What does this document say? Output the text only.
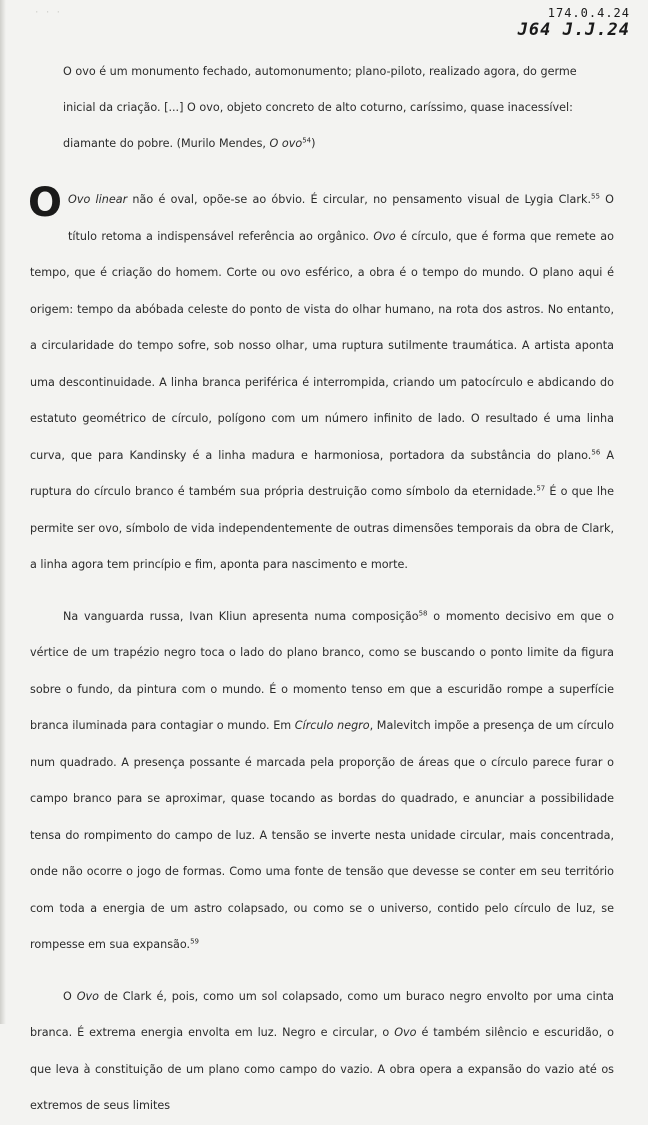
· · ·	174.0.4.24
J64 J.J.24

O ovo é um monumento fechado, automonumento; plano-piloto, realizado agora, do germe inicial da criação. [...] O ovo, objeto concreto de alto coturno, caríssimo, quase inacessível: diamante do pobre. (Murilo Mendes, O ovo$^{54}$)

O Ovo linear não é oval, opõe-se ao óbvio. É circular, no pensamento visual de Lygia Clark.$^{55}$ O título retoma a indispensável referência ao orgânico. Ovo é círculo, que é forma que remete ao tempo, que é criação do homem. Corte ou ovo esférico, a obra é o tempo do mundo. O plano aqui é origem: tempo da abóbada celeste do ponto de vista do olhar humano, na rota dos astros. No entanto, a circularidade do tempo sofre, sob nosso olhar, uma ruptura sutilmente traumática. A artista aponta uma descontinuidade. A linha branca periférica é interrompida, criando um patocírculo e abdicando do estatuto geométrico de círculo, polígono com um número infinito de lado. O resultado é uma linha curva, que para Kandinsky é a linha madura e harmoniosa, portadora da substância do plano.$^{56}$ A ruptura do círculo branco é também sua própria destruição como símbolo da eternidade.$^{57}$ É o que lhe permite ser ovo, símbolo de vida independentemente de outras dimensões temporais da obra de Clark, a linha agora tem princípio e fim, aponta para nascimento e morte.

Na vanguarda russa, Ivan Kliun apresenta numa composição$^{58}$ o momento decisivo em que o vértice de um trapézio negro toca o lado do plano branco, como se buscando o ponto limite da figura sobre o fundo, da pintura com o mundo. É o momento tenso em que a escuridão rompe a superfície branca iluminada para contagiar o mundo. Em Círculo negro, Malevitch impõe a presença de um círculo num quadrado. A presença possante é marcada pela proporção de áreas que o círculo parece furar o campo branco para se aproximar, quase tocando as bordas do quadrado, e anunciar a possibilidade tensa do rompimento do campo de luz. A tensão se inverte nesta unidade circular, mais concentrada, onde não ocorre o jogo de formas. Como uma fonte de tensão que devesse se conter em seu território com toda a energia de um astro colapsado, ou como se o universo, contido pelo círculo de luz, se rompesse em sua expansão.$^{59}$

O Ovo de Clark é, pois, como um sol colapsado, como um buraco negro envolto por uma cinta branca. É extrema energia envolta em luz. Negro e circular, o Ovo é também silêncio e escuridão, o que leva à constituição de um plano como campo do vazio. A obra opera a expansão do vazio até os extremos de seus limites
